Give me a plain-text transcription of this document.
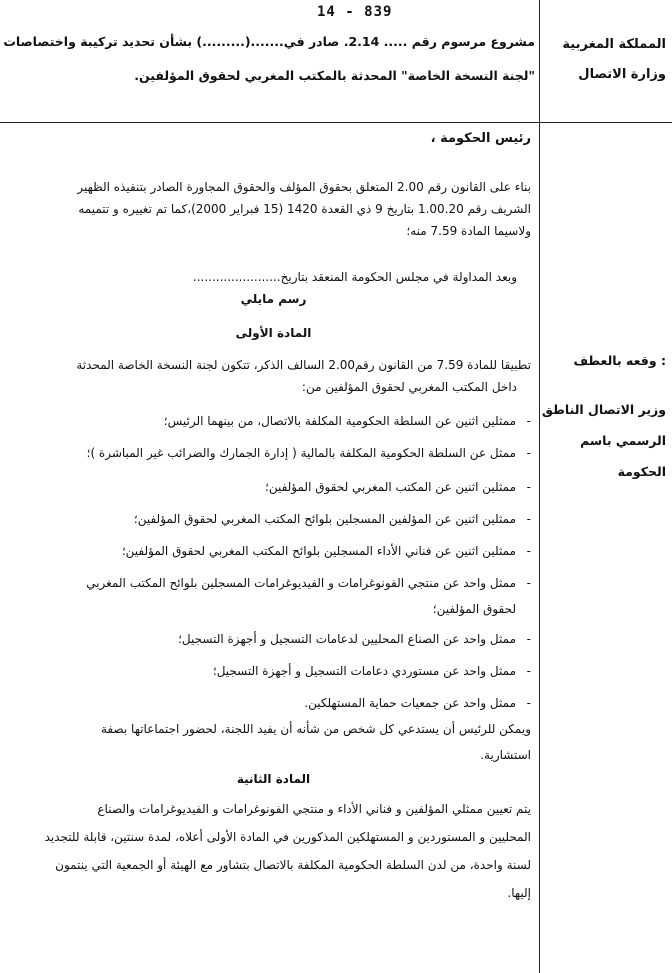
14 - 839
المملكة المغربية
وزارة الاتصال
وقعه بالعطف :
وزير الاتصال الناطق
الرسمي باسم
الحكومة
مشروع مرسوم رقم ..... 2.14. صادر في.......(.........) بشأن تحديد تركيبة واختصاصات
"لجنة النسخة الخاصة" المحدثة بالمكتب المغربي لحقوق المؤلفين.
رئيس الحكومة ،
بناء على القانون رقم 2.00 المتعلق بحقوق المؤلف والحقوق المجاورة الصادر بتنفيذه الظهير
الشريف رقم 1.00.20 بتاريخ 9 ذي القعدة 1420 (15 فبراير 2000)،كما تم تغييره و تتميمه
ولاسيما المادة 7.59 منه؛
وبعد المداولة في مجلس الحكومة المنعقد بتاريخ.......................
رسم مايلي
المادة الأولى
تطبيقا للمادة 7.59 من القانون رقم2.00 السالف الذكر، تتكون لجنة النسخة الخاصة المحدثة
داخل المكتب المغربي لحقوق المؤلفين من:
- ممثلين اثنين عن السلطة الحكومية المكلفة بالاتصال، من بينهما الرئيس؛
- ممثل عن السلطة الحكومية المكلفة بالمالية ( إدارة الجمارك والضرائب غير المباشرة )؛
- ممثلين اثنين عن المكتب المغربي لحقوق المؤلفين؛
- ممثلين اثنين عن المؤلفين المسجلين بلوائح المكتب المغربي لحقوق المؤلفين؛
- ممثلين اثنين عن فناني الأداء المسجلين بلوائح المكتب المغربي لحقوق المؤلفين؛
- ممثل واحد عن منتجي الفونوغرامات و الفيديوغرامات المسجلين بلوائح المكتب المغربي
لحقوق المؤلفين؛
- ممثل واحد عن الصناع المحليين لدعامات التسجيل و أجهزة التسجيل؛
- ممثل واحد عن مستوردي دعامات التسجيل و أجهزة التسجيل؛
- ممثل واحد عن جمعيات حماية المستهلكين.
ويمكن للرئيس أن يستدعي كل شخص من شأنه أن يفيد اللجنة، لحضور اجتماعاتها بصفة
استشارية.
المادة الثانية
يتم تعيين ممثلي المؤلفين و فناني الأداء و منتجي الفونوغرامات و الفيديوغرامات والصناع
المحليين و المستوردين و المستهلكين المذكورين في المادة الأولى أعلاه، لمدة سنتين، قابلة للتجديد
لسنة واحدة، من لدن السلطة الحكومية المكلفة بالاتصال بتشاور مع الهيئة أو الجمعية التي ينتمون
إليها.
